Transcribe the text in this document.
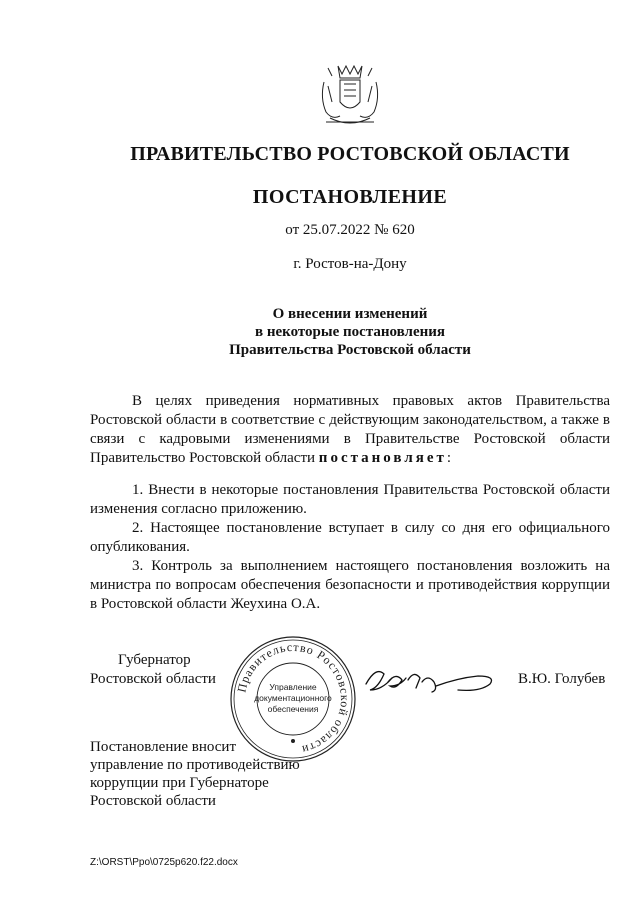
ПРАВИТЕЛЬСТВО РОСТОВСКОЙ ОБЛАСТИ
ПОСТАНОВЛЕНИЕ
от 25.07.2022 № 620
г. Ростов-на-Дону
О внесении изменений
в некоторые постановления
Правительства Ростовской области
В целях приведения нормативных правовых актов Правительства Ростовской области в соответствие с действующим законодательством, а также в связи с кадровыми изменениями в Правительстве Ростовской области Правительство Ростовской области постановляет:

1. Внести в некоторые постановления Правительства Ростовской области изменения согласно приложению.

2. Настоящее постановление вступает в силу со дня его официального опубликования.

3. Контроль за выполнением настоящего постановления возложить на министра по вопросам обеспечения безопасности и противодействия коррупции в Ростовской области Жеухина О.А.

Губернатор
Ростовской области
Правительство Ростовской области
Управление
документационного
обеспечения
В.Ю. Голубев
Постановление вносит
управление по противодействию
коррупции при Губернаторе
Ростовской области
Z:\ORST\Ppo\0725p620.f22.docx
